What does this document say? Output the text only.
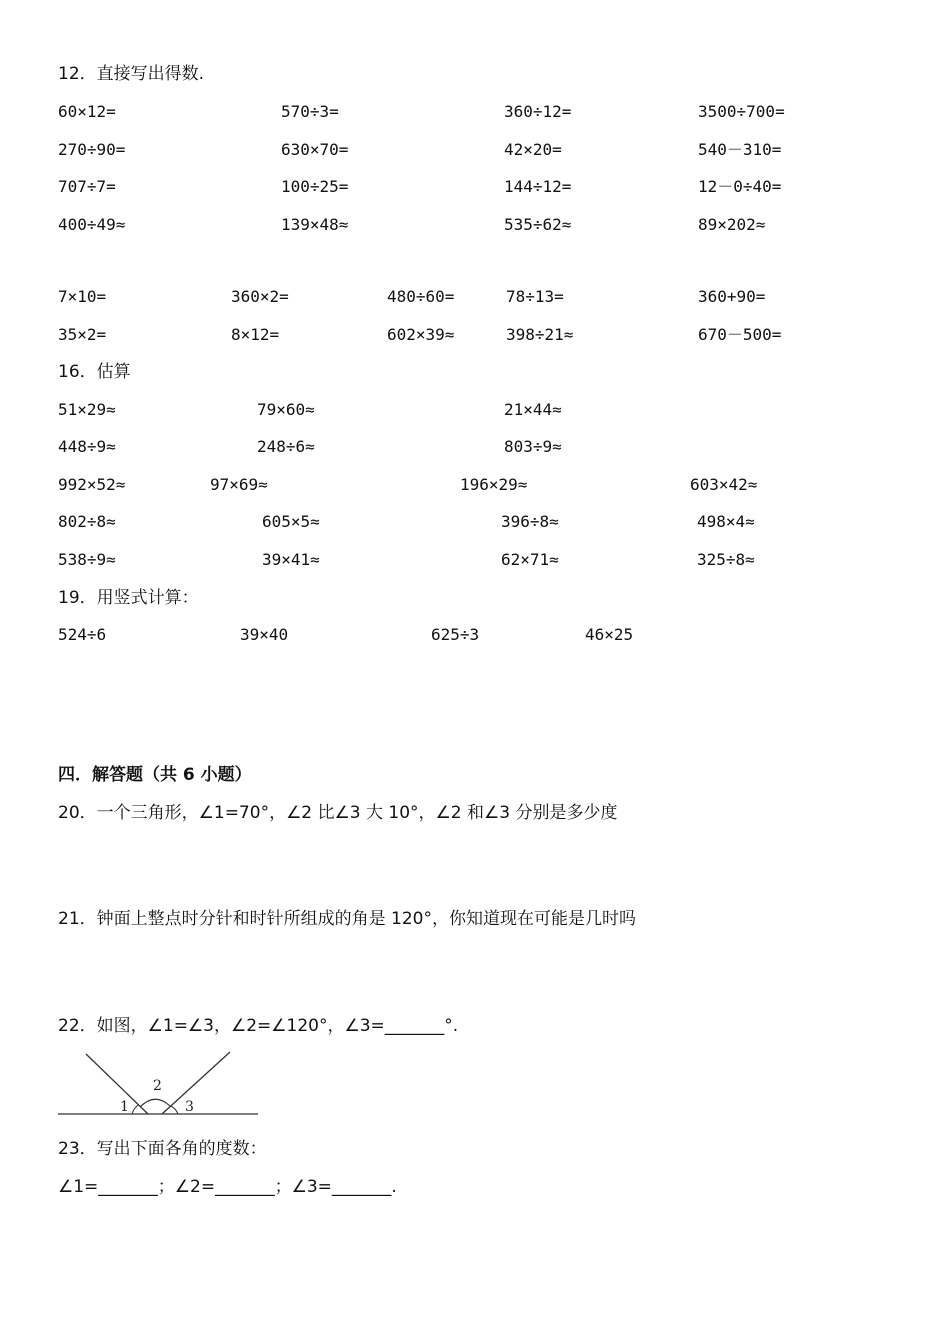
12．直接写出得数.
60×12=	570÷3=	360÷12=	3500÷700=
270÷90=	630×70=	42×20=	540－310=
707÷7=	100÷25=	144÷12=	12－0÷40=
400÷49≈	139×48≈	535÷62≈	89×202≈
7×10=	360×2=	480÷60=	78÷13=	360+90=
35×2=	8×12=	602×39≈	398÷21≈	670－500=
16．估算
51×29≈	79×60≈	21×44≈
448÷9≈	248÷6≈	803÷9≈
992×52≈	97×69≈	196×29≈	603×42≈
802÷8≈	605×5≈	396÷8≈	498×4≈
538÷9≈	39×41≈	62×71≈	325÷8≈
19．用竖式计算：
524÷6	39×40	625÷3	46×25
四．解答题（共 6 小题）
20．一个三角形，∠1=70°，∠2 比∠3 大 10°，∠2 和∠3 分别是多少度
21．钟面上整点时分针和时针所组成的角是 120°，你知道现在可能是几时吗
22．如图，∠1=∠3，∠2=∠120°，∠3=_______°.
1
2
3
23．写出下面各角的度数：
∠1=_______；∠2=_______；∠3=_______.
